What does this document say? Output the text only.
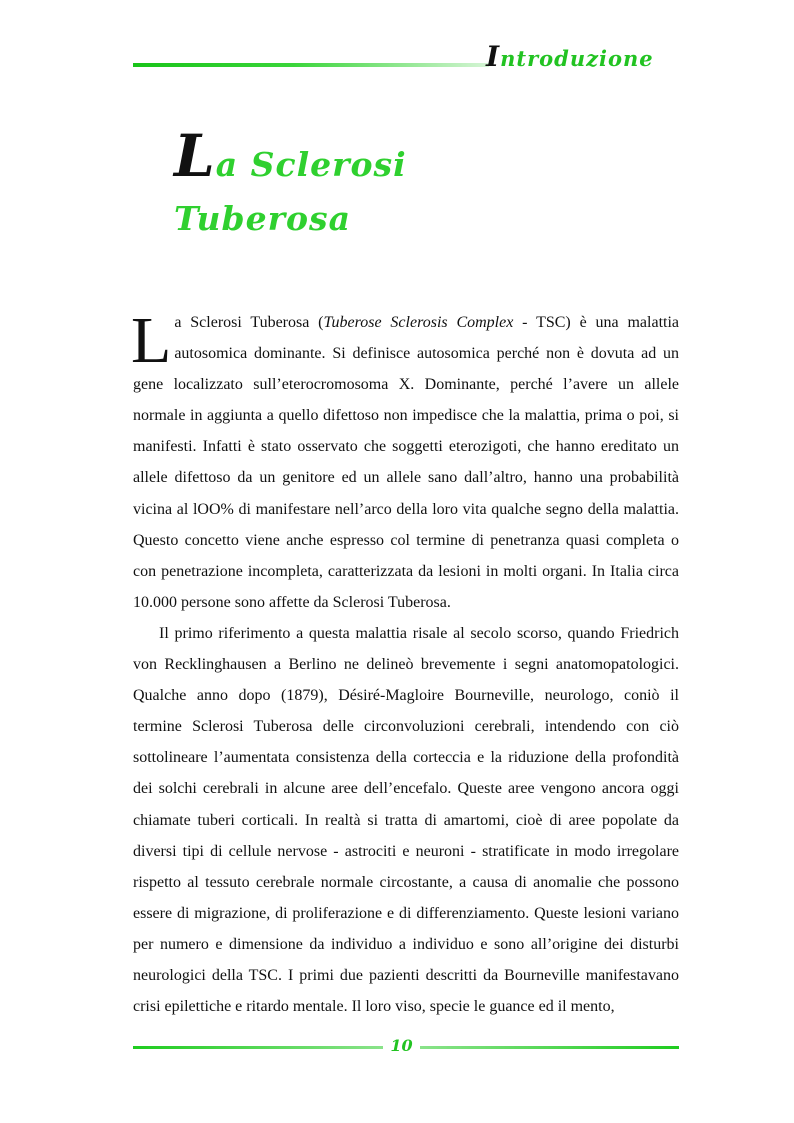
Introduzione
La Sclerosi
Tuberosa

La Sclerosi Tuberosa (Tuberose Sclerosis Complex - TSC) è una malattia autosomica dominante. Si definisce autosomica perché non è dovuta ad un gene localizzato sull’eterocromosoma X. Dominante, perché l’avere un allele normale in aggiunta a quello difettoso non impedisce che la malattia, prima o poi, si manifesti. Infatti è stato osservato che soggetti eterozigoti, che hanno ereditato un allele difettoso da un genitore ed un allele sano dall’altro, hanno una probabilità vicina al lOO% di manifestare nell’arco della loro vita qualche segno della malattia. Questo concetto viene anche espresso col termine di penetranza quasi completa o con penetrazione incompleta, caratterizzata da lesioni in molti organi. In Italia circa 10.000 persone sono affette da Sclerosi Tuberosa.

Il primo riferimento a questa malattia risale al secolo scorso, quando Friedrich von Recklinghausen a Berlino ne delineò brevemente i segni anatomopatologici. Qualche anno dopo (1879), Désiré-Magloire Bourneville, neurologo, coniò il termine Sclerosi Tuberosa delle circonvoluzioni cerebrali, intendendo con ciò sottolineare l’aumentata consistenza della corteccia e la riduzione della profondità dei solchi cerebrali in alcune aree dell’encefalo. Queste aree vengono ancora oggi chiamate tuberi corticali. In realtà si tratta di amartomi, cioè di aree popolate da diversi tipi di cellule nervose - astrociti e neuroni - stratificate in modo irregolare rispetto al tessuto cerebrale normale circostante, a causa di anomalie che possono essere di migrazione, di proliferazione e di differenziamento. Queste lesioni variano per numero e dimensione da individuo a individuo e sono all’origine dei disturbi neurologici della TSC. I primi due pazienti descritti da Bourneville manifestavano crisi epilettiche e ritardo mentale. Il loro viso, specie le guance ed il mento,

10
